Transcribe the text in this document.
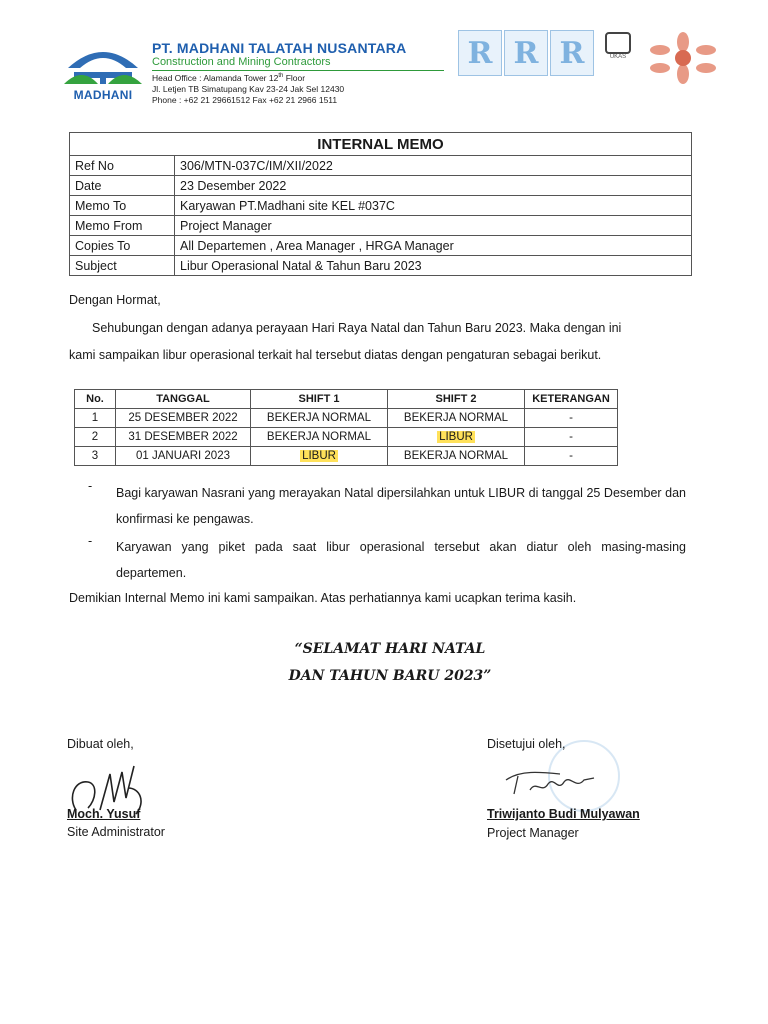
MADHANI
PT. MADHANI TALATAH NUSANTARA
Construction and Mining Contractors
Head Office : Alamanda Tower 12th Floor
Jl. Letjen TB Simatupang Kav 23-24 Jak Sel 12430
Phone : +62 21 29661512 Fax +62 21 2966 1511
R R R	UKAS
INTERNAL MEMO	
Ref No	306/MTN-037C/IM/XII/2022
Date	23 Desember 2022
Memo To	Karyawan PT.Madhani site KEL #037C
Memo From	Project Manager
Copies To	All Departemen , Area Manager , HRGA Manager
Subject	Libur Operasional Natal & Tahun Baru 2023
Dengan Hormat,
Sehubungan dengan adanya perayaan Hari Raya Natal dan Tahun Baru 2023. Maka dengan ini
kami sampaikan libur operasional terkait hal tersebut diatas dengan pengaturan sebagai berikut.
No.	TANGGAL	SHIFT 1	SHIFT 2	KETERANGAN
1	25 DESEMBER 2022	BEKERJA NORMAL	BEKERJA NORMAL	-
2	31 DESEMBER 2022	BEKERJA NORMAL	LIBUR	-
3	01 JANUARI 2023	LIBUR	BEKERJA NORMAL	-
- Bagi karyawan Nasrani yang merayakan Natal dipersilahkan untuk LIBUR di tanggal 25 Desember dan konfirmasi ke pengawas.
- Karyawan yang piket pada saat libur operasional tersebut akan diatur oleh masing-masing departemen.
Demikian Internal Memo ini kami sampaikan. Atas perhatiannya kami ucapkan terima kasih.
“SELAMAT HARI NATAL
DAN TAHUN BARU 2023”
Dibuat oleh,
Moch. Yusuf
Site Administrator
Disetujui oleh,
Triwijanto Budi Mulyawan
Project Manager
